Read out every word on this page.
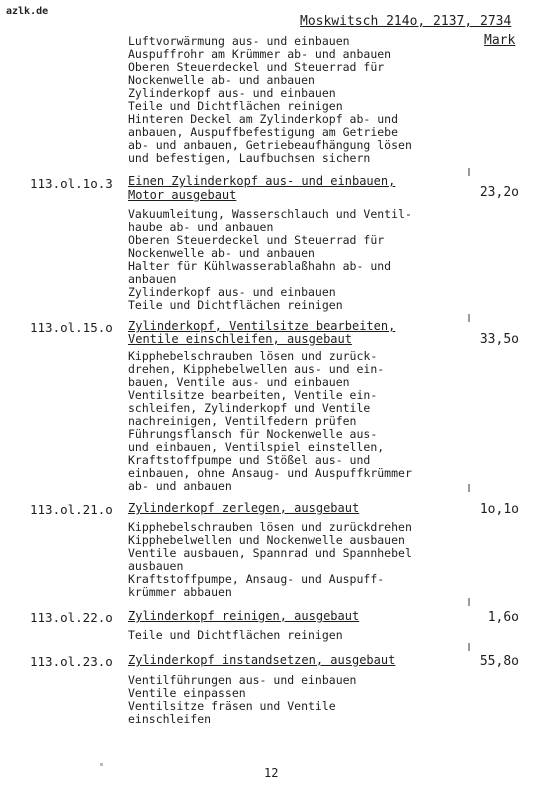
azlk.de
Moskwitsch 214o, 2137, 2734
Mark
Luftvorwärmung aus- und einbauen
Auspuffrohr am Krümmer ab- und anbauen
Oberen Steuerdeckel und Steuerrad für
Nockenwelle ab- und anbauen
Zylinderkopf aus- und einbauen
Teile und Dichtflächen reinigen
Hinteren Deckel am Zylinderkopf ab- und
anbauen, Auspuffbefestigung am Getriebe
ab- und anbauen, Getriebeaufhängung lösen
und befestigen, Laufbuchsen sichern
113.ol.1o.3 Einen Zylinderkopf aus- und einbauen,
Motor ausgebaut	23,2o
Vakuumleitung, Wasserschlauch und Ventil-
haube ab- und anbauen
Oberen Steuerdeckel und Steuerrad für
Nockenwelle ab- und anbauen
Halter für Kühlwasserablaßhahn ab- und
anbauen
Zylinderkopf aus- und einbauen
Teile und Dichtflächen reinigen
113.ol.15.o Zylinderkopf, Ventilsitze bearbeiten,
Ventile einschleifen, ausgebaut	33,5o
Kipphebelschrauben lösen und zurück-
drehen, Kipphebelwellen aus- und ein-
bauen, Ventile aus- und einbauen
Ventilsitze bearbeiten, Ventile ein-
schleifen, Zylinderkopf und Ventile
nachreinigen, Ventilfedern prüfen
Führungsflansch für Nockenwelle aus-
und einbauen, Ventilspiel einstellen,
Kraftstoffpumpe und Stößel aus- und
einbauen, ohne Ansaug- und Auspuffkrümmer
ab- und anbauen
113.ol.21.o Zylinderkopf zerlegen, ausgebaut	1o,1o
Kipphebelschrauben lösen und zurückdrehen
Kipphebelwellen und Nockenwelle ausbauen
Ventile ausbauen, Spannrad und Spannhebel
ausbauen
Kraftstoffpumpe, Ansaug- und Auspuff-
krümmer abbauen
113.ol.22.o Zylinderkopf reinigen, ausgebaut	1,6o
Teile und Dichtflächen reinigen
113.ol.23.o Zylinderkopf instandsetzen, ausgebaut	55,8o
Ventilführungen aus- und einbauen
Ventile einpassen
Ventilsitze fräsen und Ventile
einschleifen
12
